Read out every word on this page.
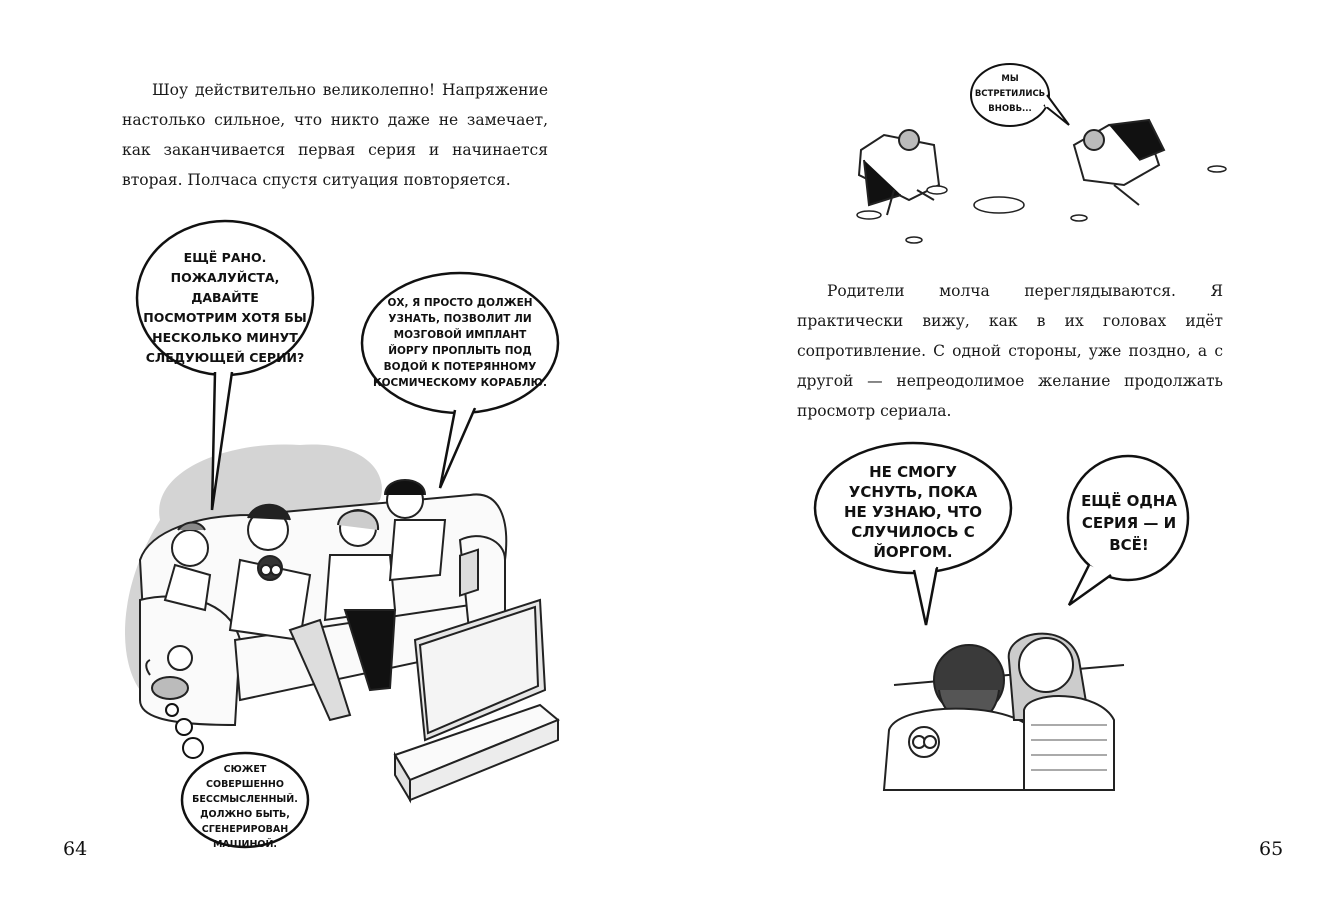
Шоу действительно великолепно! Напряжение настолько сильное, что никто даже не замечает, как заканчивается первая серия и начинается вторая. Полчаса спустя ситуация повторяется.

ЕЩЁ РАНО.
ПОЖАЛУЙСТА, ДАВАЙТЕ
ПОСМОТРИМ ХОТЯ БЫ
НЕСКОЛЬКО МИНУТ
СЛЕДУЮЩЕЙ СЕРИИ?
ОХ, Я ПРОСТО ДОЛЖЕН
УЗНАТЬ, ПОЗВОЛИТ ЛИ
МОЗГОВОЙ ИМПЛАНТ
ЙОРГУ ПРОПЛЫТЬ ПОД
ВОДОЙ К ПОТЕРЯННОМУ
КОСМИЧЕСКОМУ КОРАБЛЮ.
СЮЖЕТ СОВЕРШЕННО
БЕССМЫСЛЕННЫЙ.
ДОЛЖНО БЫТЬ,
СГЕНЕРИРОВАН
МАШИНОЙ.
64
МЫ
ВСТРЕТИЛИСЬ
ВНОВЬ...

Родители молча переглядываются. Я практически вижу, как в их головах идёт сопротивление. С одной стороны, уже поздно, а с другой — непреодолимое желание продолжать просмотр сериала.

НЕ СМОГУ
УСНУТЬ, ПОКА
НЕ УЗНАЮ, ЧТО
СЛУЧИЛОСЬ С
ЙОРГОМ.
ЕЩЁ ОДНА
СЕРИЯ — И
ВСЁ!
65
